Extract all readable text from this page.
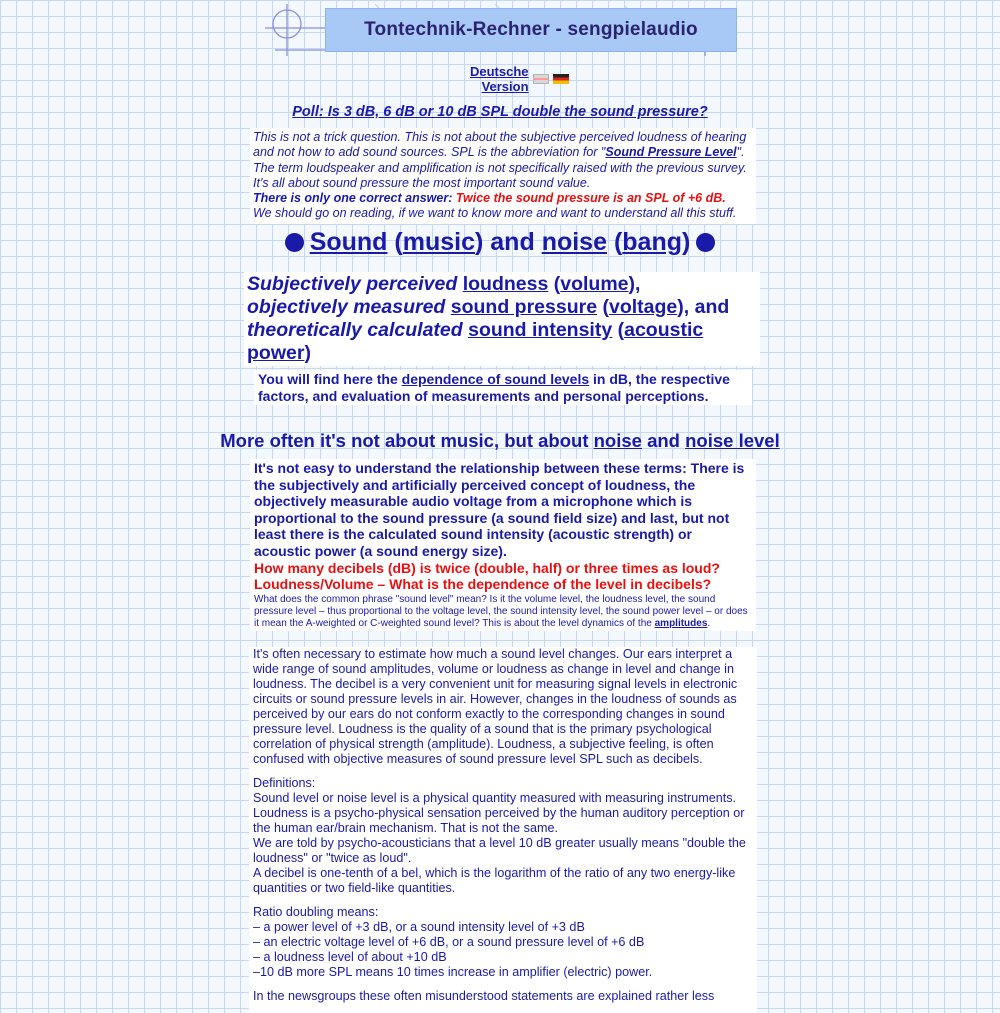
Tontechnik-Rechner - sengpielaudio
Deutsche
Version
Poll: Is 3 dB, 6 dB or 10 dB SPL double the sound pressure?
This is not a trick question. This is not about the subjective perceived loudness of hearing and not how to add sound sources. SPL is the abbreviation for "Sound Pressure Level". The term loudspeaker and amplification is not specifically raised with the previous survey. It's all about sound pressure the most important sound value.
There is only one correct answer: Twice the sound pressure is an SPL of +6 dB.
We should go on reading, if we want to know more and want to understand all this stuff.
Sound (music) and noise (bang)
Subjectively perceived loudness (volume),
objectively measured sound pressure (voltage), and
theoretically calculated sound intensity (acoustic power)
You will find here the dependence of sound levels in dB, the respective factors, and evaluation of measurements and personal perceptions.
More often it's not about music, but about noise and noise level
It's not easy to understand the relationship between these terms: There is the subjectively and artificially perceived concept of loudness, the objectively measurable audio voltage from a microphone which is proportional to the sound pressure (a sound field size) and last, but not least there is the calculated sound intensity (acoustic strength) or acoustic power (a sound energy size).
How many decibels (dB) is twice (double, half) or three times as loud?
Loudness/Volume – What is the dependence of the level in decibels?
What does the common phrase "sound level" mean? Is it the volume level, the loudness level, the sound pressure level – thus proportional to the voltage level, the sound intensity level, the sound power level – or does it mean the A-weighted or C-weighted sound level? This is about the level dynamics of the amplitudes.

It's often necessary to estimate how much a sound level changes. Our ears interpret a wide range of sound amplitudes, volume or loudness as change in level and change in loudness. The decibel is a very convenient unit for measuring signal levels in electronic circuits or sound pressure levels in air. However, changes in the loudness of sounds as perceived by our ears do not conform exactly to the corresponding changes in sound pressure level. Loudness is the quality of a sound that is the primary psychological correlation of physical strength (amplitude). Loudness, a subjective feeling, is often confused with objective measures of sound pressure level SPL such as decibels.

Definitions:
Sound level or noise level is a physical quantity measured with measuring instruments.
Loudness is a psycho-physical sensation perceived by the human auditory perception or the human ear/brain mechanism. That is not the same.
We are told by psycho-acousticians that a level 10 dB greater usually means "double the loudness" or "twice as loud".
A decibel is one-tenth of a bel, which is the logarithm of the ratio of any two energy-like quantities or two field-like quantities.

Ratio doubling means:
– a power level of +3 dB, or a sound intensity level of +3 dB
– an electric voltage level of +6 dB, or a sound pressure level of +6 dB
– a loudness level of about +10 dB
–10 dB more SPL means 10 times increase in amplifier (electric) power.

In the newsgroups these often misunderstood statements are explained rather less
